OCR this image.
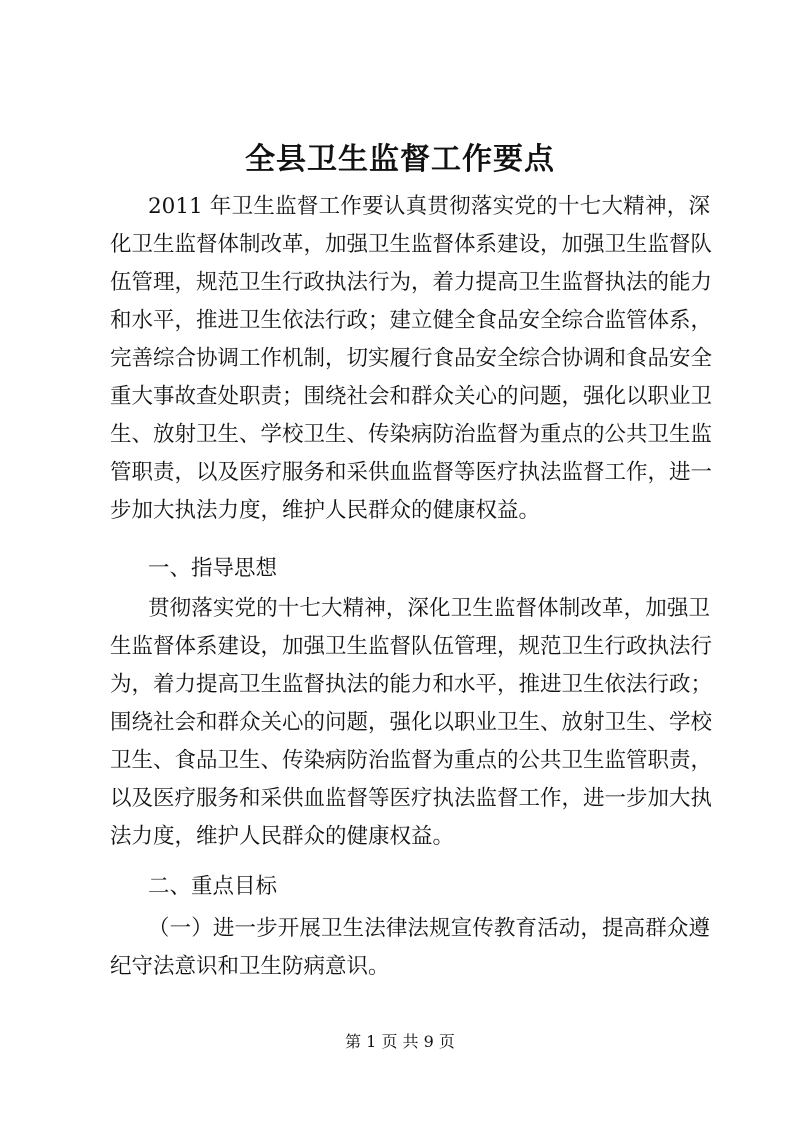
全县卫生监督工作要点
2011 年卫生监督工作要认真贯彻落实党的十七大精神，深
化卫生监督体制改革，加强卫生监督体系建设，加强卫生监督队
伍管理，规范卫生行政执法行为，着力提高卫生监督执法的能力
和水平，推进卫生依法行政；建立健全食品安全综合监管体系，
完善综合协调工作机制，切实履行食品安全综合协调和食品安全
重大事故查处职责；围绕社会和群众关心的问题，强化以职业卫
生、放射卫生、学校卫生、传染病防治监督为重点的公共卫生监
管职责，以及医疗服务和采供血监督等医疗执法监督工作，进一
步加大执法力度，维护人民群众的健康权益。
一、指导思想
贯彻落实党的十七大精神，深化卫生监督体制改革，加强卫
生监督体系建设，加强卫生监督队伍管理，规范卫生行政执法行
为，着力提高卫生监督执法的能力和水平，推进卫生依法行政；
围绕社会和群众关心的问题，强化以职业卫生、放射卫生、学校
卫生、食品卫生、传染病防治监督为重点的公共卫生监管职责，
以及医疗服务和采供血监督等医疗执法监督工作，进一步加大执
法力度，维护人民群众的健康权益。
二、重点目标
（一）进一步开展卫生法律法规宣传教育活动，提高群众遵
纪守法意识和卫生防病意识。
第 1 页 共 9 页
